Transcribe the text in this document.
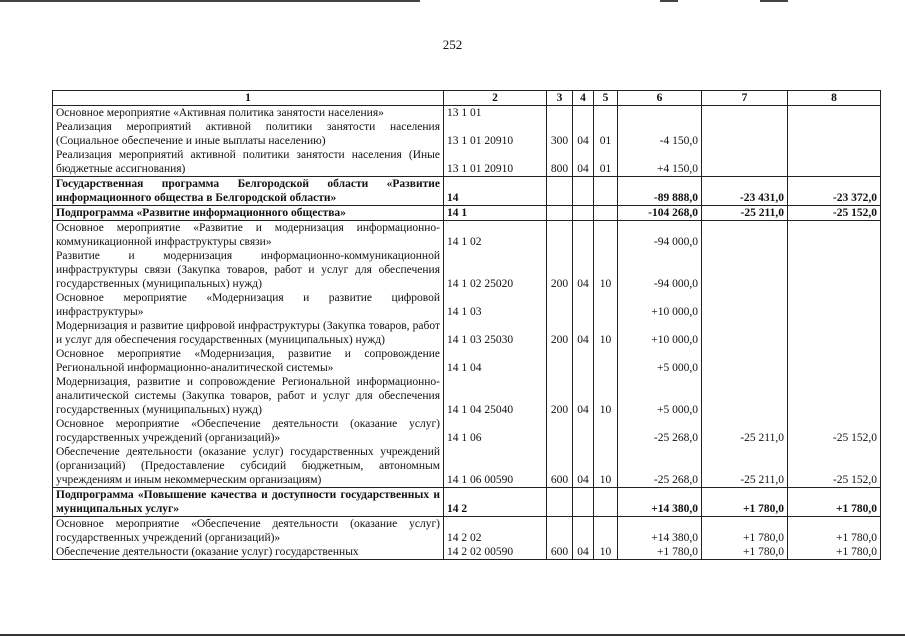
252
1	2	3	4	5	6	7	8
Основное мероприятие «Активная политика занятости населения»	13 1 01						
Реализация мероприятий активной политики занятости населения (Социальное обеспечение и иные выплаты населению)	13 1 01 20910	300	04	01	-4 150,0		
Реализация мероприятий активной политики занятости населения (Иные бюджетные ассигнования)	13 1 01 20910	800	04	01	+4 150,0		
Государственная программа Белгородской области «Развитие информационного общества в Белгородской области»	14				-89 888,0	-23 431,0	-23 372,0
Подпрограмма «Развитие информационного общества»	14 1				-104 268,0	-25 211,0	-25 152,0
Основное мероприятие «Развитие и модернизация информационно-коммуникационной инфраструктуры связи»	14 1 02				-94 000,0		
Развитие и модернизация информационно-коммуникационной инфраструктуры связи (Закупка товаров, работ и услуг для обеспечения государственных (муниципальных) нужд)	14 1 02 25020	200	04	10	-94 000,0		
Основное мероприятие «Модернизация и развитие цифровой инфраструктуры»	14 1 03				+10 000,0		
Модернизация и развитие цифровой инфраструктуры (Закупка товаров, работ и услуг для обеспечения государственных (муниципальных) нужд)	14 1 03 25030	200	04	10	+10 000,0		
Основное мероприятие «Модернизация, развитие и сопровождение Региональной информационно-аналитической системы»	14 1 04				+5 000,0		
Модернизация, развитие и сопровождение Региональной информационно-аналитической системы (Закупка товаров, работ и услуг для обеспечения государственных (муниципальных) нужд)	14 1 04 25040	200	04	10	+5 000,0		
Основное мероприятие «Обеспечение деятельности (оказание услуг) государственных учреждений (организаций)»	14 1 06				-25 268,0	-25 211,0	-25 152,0
Обеспечение деятельности (оказание услуг) государственных учреждений (организаций) (Предоставление субсидий бюджетным, автономным учреждениям и иным некоммерческим организациям)	14 1 06 00590	600	04	10	-25 268,0	-25 211,0	-25 152,0
Подпрограмма «Повышение качества и доступности государственных и муниципальных услуг»	14 2				+14 380,0	+1 780,0	+1 780,0
Основное мероприятие «Обеспечение деятельности (оказание услуг) государственных учреждений (организаций)»	14 2 02				+14 380,0	+1 780,0	+1 780,0
Обеспечение деятельности (оказание услуг) государственных	14 2 02 00590	600	04	10	+1 780,0	+1 780,0	+1 780,0
